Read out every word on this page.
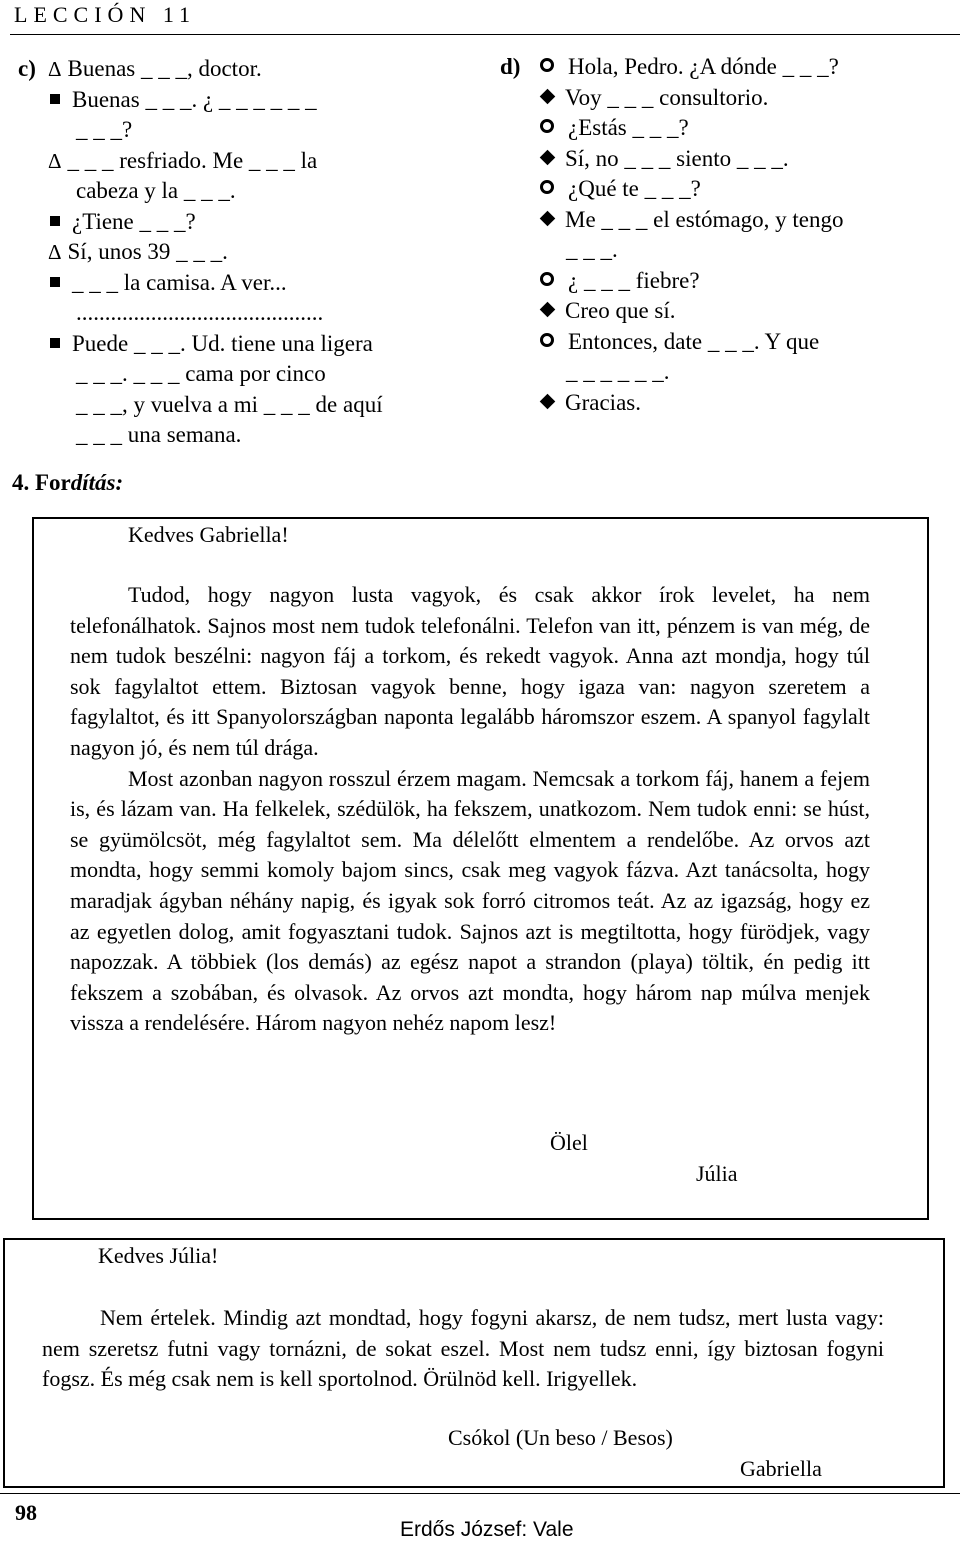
LECCIÓN 11
c) Δ Buenas _ _ _, doctor.
Buenas _ _ _. ¿ _ _ _ _ _ _
_ _ _?
Δ _ _ _ resfriado. Me _ _ _ la
cabeza y la _ _ _.
¿Tiene _ _ _?
Δ Sí, unos 39 _ _ _.
_ _ _ la camisa. A ver...
...........................................
Puede _ _ _. Ud. tiene una ligera
_ _ _. _ _ _ cama por cinco
_ _ _, y vuelva a mi _ _ _ de aquí
_ _ _ una semana.
d)	Hola, Pedro. ¿A dónde _ _ _?
Voy _ _ _ consultorio.
¿Estás _ _ _?
Sí, no _ _ _ siento _ _ _.
¿Qué te _ _ _?
Me _ _ _ el estómago, y tengo
_ _ _.
¿ _ _ _ fiebre?
Creo que sí.
Entonces, date _ _ _. Y que
_ _ _ _ _ _.
Gracias.
4. Fordítás:
Kedves Gabriella!

Tudod, hogy nagyon lusta vagyok, és csak akkor írok levelet, ha nem telefonálhatok. Sajnos most nem tudok telefonálni. Telefon van itt, pénzem is van még, de nem tudok beszélni: nagyon fáj a torkom, és rekedt vagyok. Anna azt mondja, hogy túl sok fagylaltot ettem. Biztosan vagyok benne, hogy igaza van: nagyon szeretem a fagylaltot, és itt Spanyolországban naponta legalább háromszor eszem. A spanyol fagylalt nagyon jó, és nem túl drága.

Most azonban nagyon rosszul érzem magam. Nemcsak a torkom fáj, hanem a fejem is, és lázam van. Ha felkelek, szédülök, ha fekszem, unatkozom. Nem tudok enni: se húst, se gyümölcsöt, még fagylaltot sem. Ma délelőtt elmentem a rendelőbe. Az orvos azt mondta, hogy semmi komoly bajom sincs, csak meg vagyok fázva. Azt tanácsolta, hogy maradjak ágyban néhány napig, és igyak sok forró citromos teát. Az az igazság, hogy ez az egyetlen dolog, amit fogyasztani tudok. Sajnos azt is megtiltotta, hogy fürödjek, vagy napozzak. A többiek (los demás) az egész napot a strandon (playa) töltik, én pedig itt fekszem a szobában, és olvasok. Az orvos azt mondta, hogy három nap múlva menjek vissza a rendelésére. Három nagyon nehéz napom lesz!

Ölel
Júlia
Kedves Júlia!

Nem értelek. Mindig azt mondtad, hogy fogyni akarsz, de nem tudsz, mert lusta vagy: nem szeretsz futni vagy tornázni, de sokat eszel. Most nem tudsz enni, így biztosan fogyni fogsz. És még csak nem is kell sportolnod. Örülnöd kell. Irigyellek.

Csókol (Un beso / Besos)
Gabriella
98
Erdős József: Vale
